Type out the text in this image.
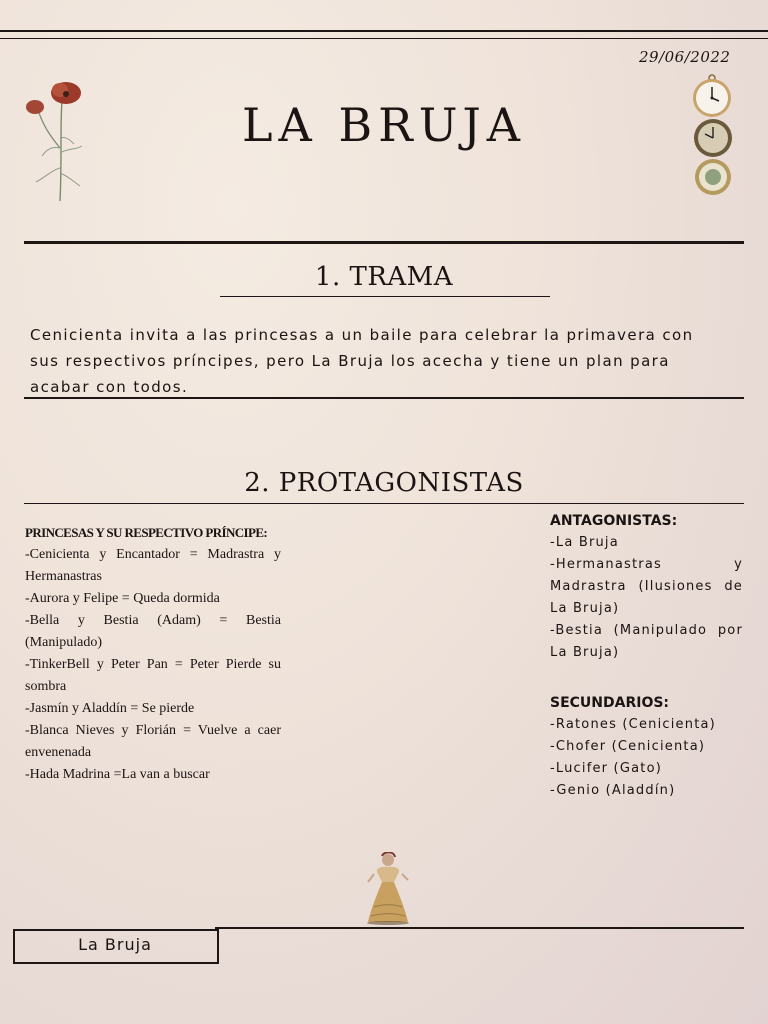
29/06/2022
LA BRUJA
1. TRAMA
Cenicienta invita a las princesas a un baile para celebrar la primavera con sus respectivos príncipes, pero La Bruja los acecha y tiene un plan para acabar con todos.
2. PROTAGONISTAS
PRINCESAS Y SU RESPECTIVO PRÍNCIPE:
-Cenicienta y Encantador = Madrastra y Hermanastras
-Aurora y Felipe = Queda dormida
-Bella y Bestia (Adam) = Bestia (Manipulado)
-TinkerBell y Peter Pan = Peter Pierde su sombra
-Jasmín y Aladdín = Se pierde
-Blanca Nieves y Florián = Vuelve a caer envenenada
-Hada Madrina =La van a buscar
ANTAGONISTAS:
-La Bruja
-Hermanastras y Madrastra (Ilusiones de La Bruja)
-Bestia (Manipulado por La Bruja)
SECUNDARIOS:
-Ratones (Cenicienta)
-Chofer (Cenicienta)
-Lucifer (Gato)
-Genio (Aladdín)
La Bruja
